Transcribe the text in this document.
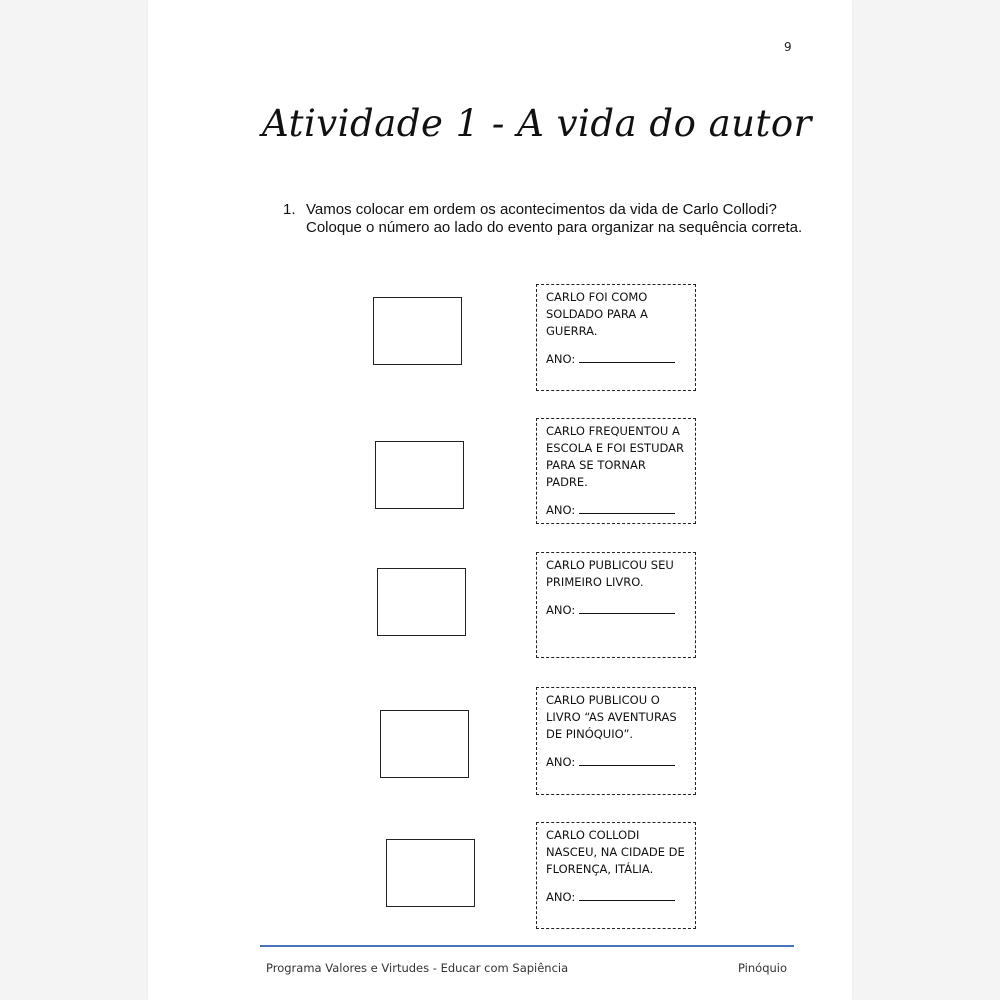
9
Atividade 1 - A vida do autor
1. Vamos colocar em ordem os acontecimentos da vida de Carlo Collodi?
Coloque o número ao lado do evento para organizar na sequência correta.
CARLO FOI COMO SOLDADO PARA A GUERRA.
ANO:
CARLO FREQUENTOU A ESCOLA E FOI ESTUDAR PARA SE TORNAR PADRE.
ANO:
CARLO PUBLICOU SEU PRIMEIRO LIVRO.
ANO:
CARLO PUBLICOU O LIVRO “AS AVENTURAS DE PINÓQUIO”.
ANO:
CARLO COLLODI NASCEU, NA CIDADE DE FLORENÇA, ITÁLIA.
ANO:
Programa Valores e Virtudes - Educar com Sapiência	Pinóquio
